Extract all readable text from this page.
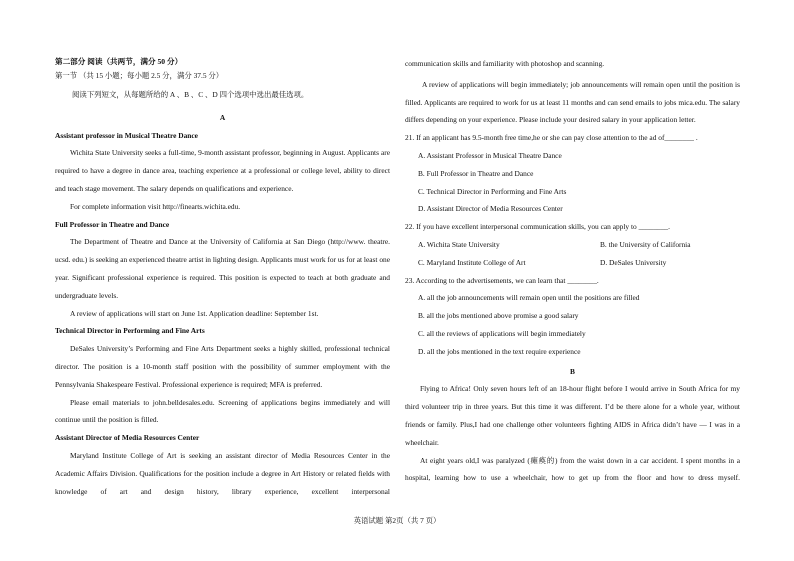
第二部分 阅读（共两节，满分 50 分）
第一节 （共 15 小题；每小题 2.5 分，满分 37.5 分）
阅读下列短文，从每题所给的 A 、B 、C 、D 四个选项中选出最佳选项。
A
Assistant professor in Musical Theatre Dance
Wichita State University seeks a full-time, 9-month assistant professor, beginning in August. Applicants are required to have a degree in dance area, teaching experience at a professional or college level, ability to direct and teach stage movement. The salary depends on qualifications and experience.
For complete information visit http://finearts.wichita.edu.
Full Professor in Theatre and Dance
The Department of Theatre and Dance at the University of California at San Diego (http://www. theatre. ucsd. edu.) is seeking an experienced theatre artist in lighting design. Applicants must work for us for at least one year. Significant professional experience is required. This position is expected to teach at both graduate and undergraduate levels.
A review of applications will start on June 1st. Application deadline: September 1st.
Technical Director in Performing and Fine Arts
DeSales University’s Performing and Fine Arts Department seeks a highly skilled, professional technical director. The position is a 10-month staff position with the possibility of summer employment with the Pennsylvania Shakespeare Festival. Professional experience is required; MFA is preferred.
Please email materials to john.belldesales.edu. Screening of applications begins immediately and will continue until the position is filled.
Assistant Director of Media Resources Center
Maryland Institute College of Art is seeking an assistant director of Media Resources Center in the Academic Affairs Division. Qualifications for the position include a degree in Art History or related fields with knowledge of art and design history, library experience, excellent interpersonal
communication skills and familiarity with photoshop and scanning.
A review of applications will begin immediately; job announcements will remain open until the position is filled. Applicants are required to work for us at least 11 months and can send emails to jobs mica.edu. The salary differs depending on your experience. Please include your desired salary in your application letter.
21. If an applicant has 9.5-month free time,he or she can pay close attention to the ad of________ .
A. Assistant Professor in Musical Theatre Dance
B. Full Professor in Theatre and Dance
C. Technical Director in Performing and Fine Arts
D. Assistant Director of Media Resources Center
22. If you have excellent interpersonal communication skills, you can apply to ________.
A. Wichita State University	B. the University of California
C. Maryland Institute College of Art	D. DeSales University
23. According to the advertisements, we can learn that ________.
A. all the job announcements will remain open until the positions are filled
B. all the jobs mentioned above promise a good salary
C. all the reviews of applications will begin immediately
D. all the jobs mentioned in the text require experience
B
Flying to Africa! Only seven hours left of an 18-hour flight before I would arrive in South Africa for my third volunteer trip in three years. But this time it was different. I’d be there alone for a whole year, without friends or family. Plus,I had one challenge other volunteers fighting AIDS in Africa didn’t have — I was in a wheelchair.
At eight years old,I was paralyzed (瘫痪的) from the waist down in a car accident. I spent months in a hospital, learning how to use a wheelchair, how to get up from the floor and how to dress myself.
英语试题 第2页（共 7 页）
